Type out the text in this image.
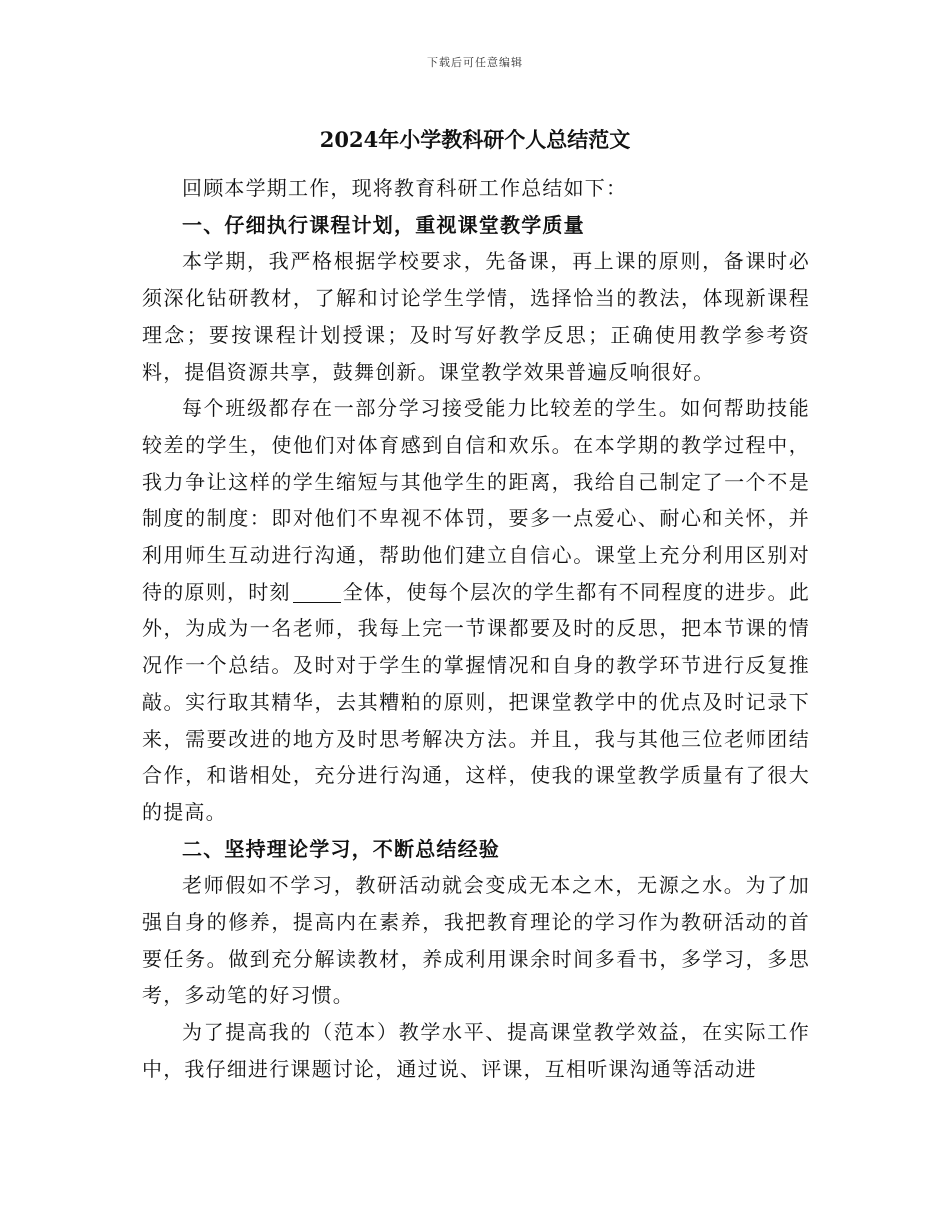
下载后可任意编辑
2024年小学教科研个人总结范文

回顾本学期工作，现将教育科研工作总结如下：

一、仔细执行课程计划，重视课堂教学质量

本学期，我严格根据学校要求，先备课，再上课的原则，备课时必须深化钻研教材，了解和讨论学生学情，选择恰当的教法，体现新课程理念；要按课程计划授课；及时写好教学反思；正确使用教学参考资料，提倡资源共享，鼓舞创新。课堂教学效果普遍反响很好。

每个班级都存在一部分学习接受能力比较差的学生。如何帮助技能较差的学生，使他们对体育感到自信和欢乐。在本学期的教学过程中，我力争让这样的学生缩短与其他学生的距离，我给自己制定了一个不是制度的制度：即对他们不卑视不体罚，要多一点爱心、耐心和关怀，并利用师生互动进行沟通，帮助他们建立自信心。课堂上充分利用区别对待的原则，时刻	全体，使每个层次的学生都有不同程度的进步。此外，为成为一名老师，我每上完一节课都要及时的反思，把本节课的情况作一个总结。及时对于学生的掌握情况和自身的教学环节进行反复推敲。实行取其精华，去其糟粕的原则，把课堂教学中的优点及时记录下来，需要改进的地方及时思考解决方法。并且，我与其他三位老师团结合作，和谐相处，充分进行沟通，这样，使我的课堂教学质量有了很大的提高。

二、坚持理论学习，不断总结经验

老师假如不学习，教研活动就会变成无本之木，无源之水。为了加强自身的修养，提高内在素养，我把教育理论的学习作为教研活动的首要任务。做到充分解读教材，养成利用课余时间多看书，多学习，多思考，多动笔的好习惯。

为了提高我的（范本）教学水平、提高课堂教学效益，在实际工作中，我仔细进行课题讨论，通过说、评课，互相听课沟通等活动进
